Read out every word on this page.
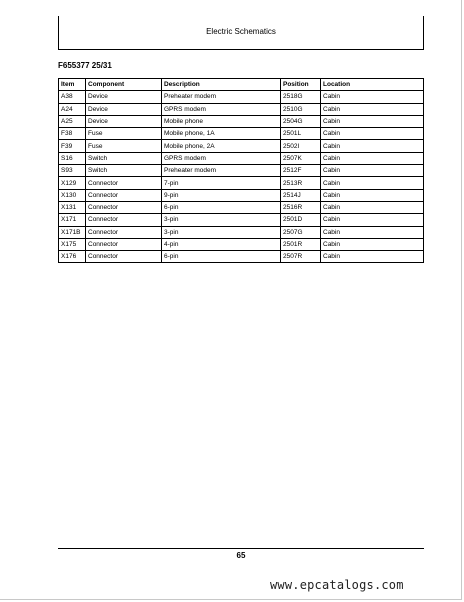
Electric Schematics
F655377 25/31
Item	Component	Description	Position	Location
A38	Device	Preheater modem	2518G	Cabin
A24	Device	GPRS modem	2510G	Cabin
A25	Device	Mobile phone	2504G	Cabin
F38	Fuse	Mobile phone, 1A	2501L	Cabin
F39	Fuse	Mobile phone, 2A	2502I	Cabin
S16	Switch	GPRS modem	2507K	Cabin
S93	Switch	Preheater modem	2512F	Cabin
X129	Connector	7-pin	2513R	Cabin
X130	Connector	9-pin	2514J	Cabin
X131	Connector	6-pin	2516R	Cabin
X171	Connector	3-pin	2501D	Cabin
X171B	Connector	3-pin	2507G	Cabin
X175	Connector	4-pin	2501R	Cabin
X176	Connector	6-pin	2507R	Cabin
65
www.epcatalogs.com
